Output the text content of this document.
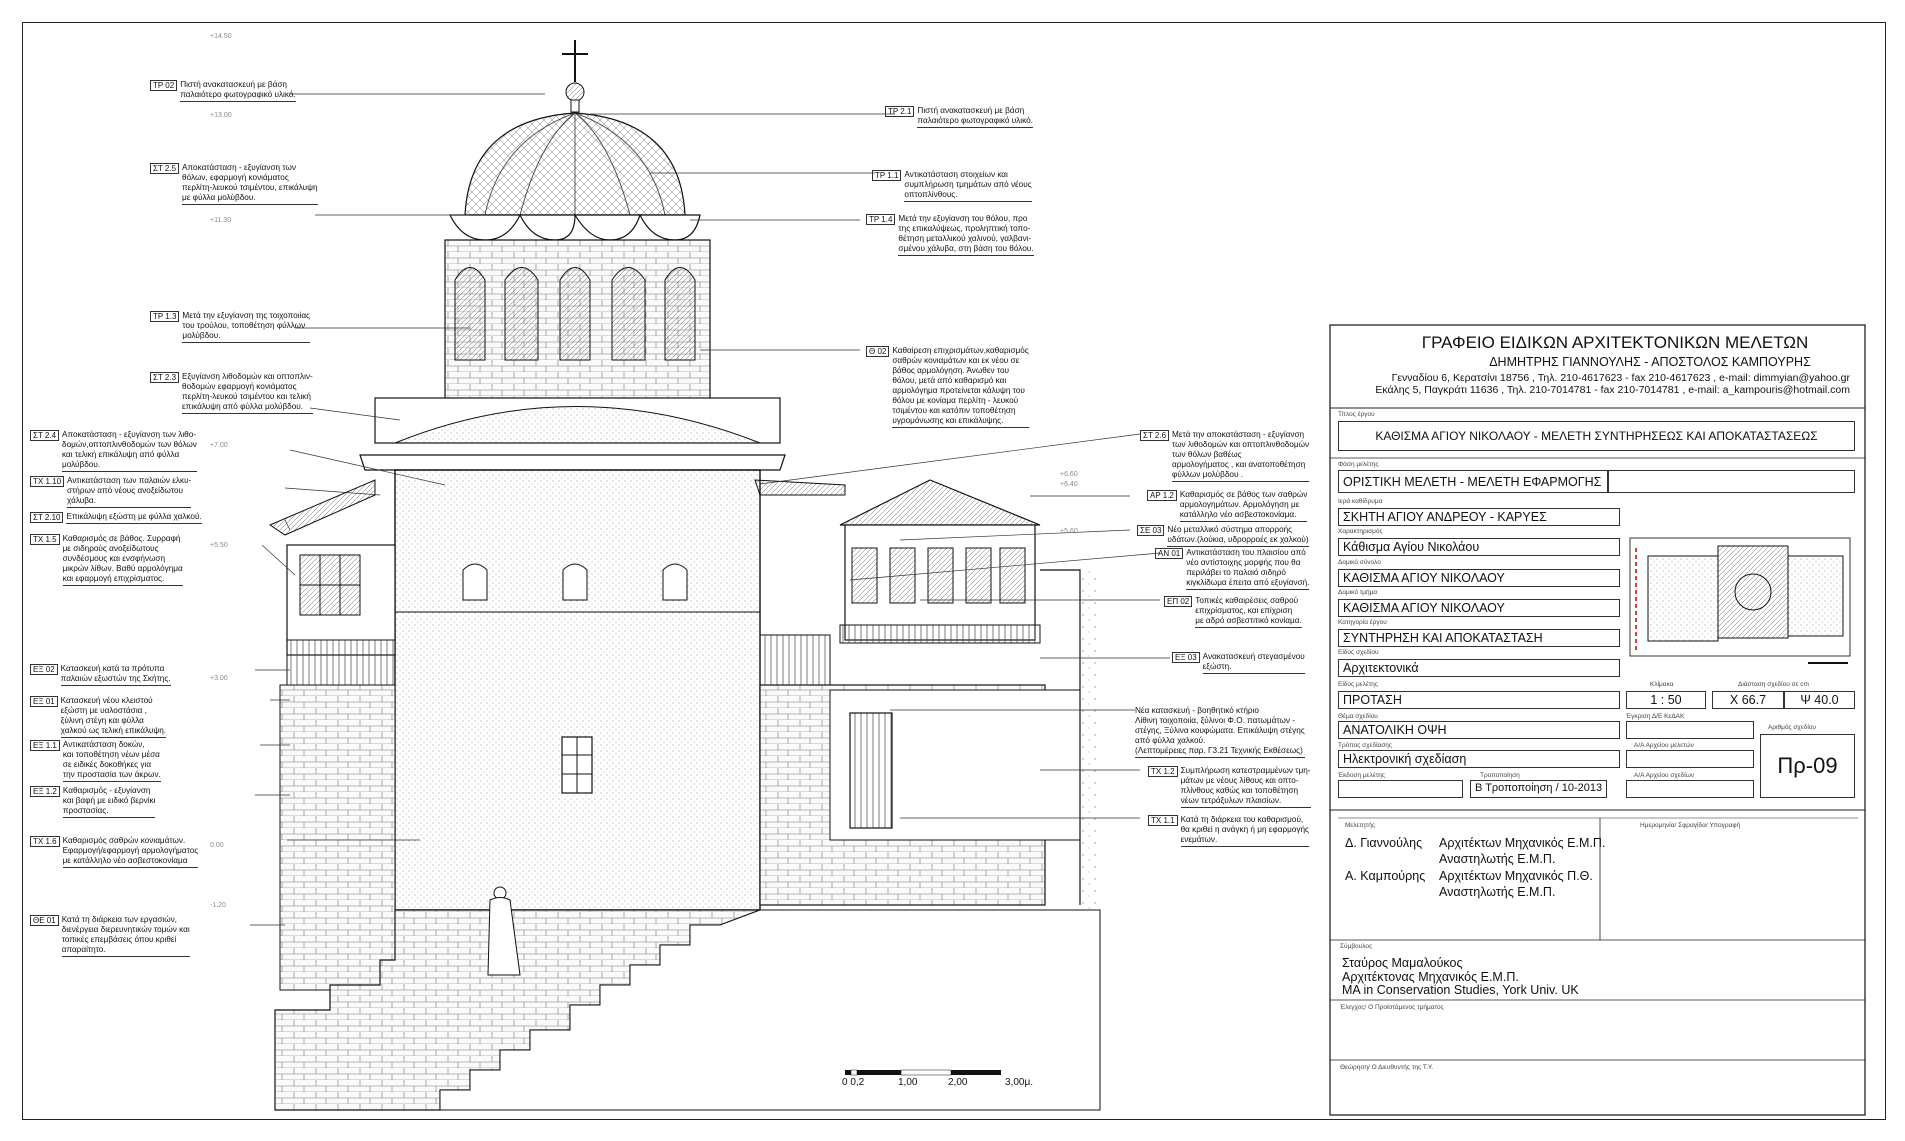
+14.50
+13.00
+11.30
+7.00
+5.50
+3.00
0.00
-1.20
+6.60
+6.40
+5.60
ΤΡ 02 Πιστή ανακατασκευή με βάση
παλαιότερο φωτογραφικό υλικό.
ΣΤ 2.5 Αποκατάσταση - εξυγίανση των
θόλων, εφαρμογή κονιάματος
περλίτη-λευκού τσιμέντου, επικάλυψη
με φύλλα μολύβδου.
ΤΡ 1.3 Μετά την εξυγίανση της τοιχοποιίας
του τρούλου, τοποθέτηση φύλλων
μολύβδου.
ΣΤ 2.3 Εξυγίανση λιθοδομών και οπτοπλιν-
θοδομών εφαρμογή κονιάματος
περλίτη-λευκού τσιμέντου και τελική
επικάλυψη από φύλλα μολύβδου.
ΣΤ 2.4 Αποκατάσταση - εξυγίανση των λιθο-
δομών,οπτοπλινθοδομών των θόλων
και τελική επικάλυψη από φύλλα
μολύβδου.
ΤΧ 1.10 Αντικατάσταση των παλαιών ελκυ-
στήρων από νέους ανοξείδωτου
χάλυβα.
ΣΤ 2.10 Επικάλυψη εξώστη με φύλλα χαλκού.
ΤΧ 1.5 Καθαρισμός σε βάθος. Συρραφή
με σιδηρούς ανοξείδωτους
συνδέσμους και ενσφήνωση
μικρών λίθων. Βαθύ αρμολόγημα
και εφαρμογή επιχρίσματος.
ΕΞ 02 Κατασκευή κατά τα πρότυπα
παλαιών εξωστών της Σκήτης.
ΕΞ 01 Κατασκευή νέου κλειστού
εξώστη με υαλοστάσια ,
ξύλινη στέγη και φύλλα
χαλκού ως τελική επικάλυψη.
ΕΞ 1.1 Αντικατάσταση δοκών,
και τοποθέτηση νέων μέσα
σε ειδικές δοκοθήκες για
την προστασία των άκρων.
ΕΞ 1.2 Καθαρισμός - εξυγίανση
και βαφή με ειδικό βερνίκι
προστασίας.
ΤΧ 1.6 Καθαρισμός σαθρών κονιαμάτων.
Εφαρμογή/εφαρμογή αρμολογήματος
με κατάλληλο νέο ασβεστοκονίαμα
ΘΕ 01 Κατά τη διάρκεια των εργασιών,
διενέργεια διερευνητικών τομών και
τοπικές επεμβάσεις όπου κριθεί
απαραίτητο.
ΤΡ 2.1 Πιστή ανακατασκευή με βάση
παλαιότερο φωτογραφικό υλικό.
ΤΡ 1.1 Αντικατάσταση στοιχείων και
συμπλήρωση τμημάτων από νέους
οπτοπλίνθους.
ΤΡ 1.4 Μετά την εξυγίανση του θόλου, προ
της επικαλύψεως, προληπτική τοπο-
θέτηση μεταλλικού χαλινού, γαλβανι-
σμένου χάλυβα, στη βάση του θόλου.
Θ 02 Καθαίρεση επιχρισμάτων,καθαρισμός
σαθρών κονιαμάτων και εκ νέου σε
βάθος αρμολόγηση. Άνωθεν του
θόλου, μετά από καθαρισμό και
αρμολόγημα προτείνεται κάλυψη του
θόλου με κονίαμα περλίτη - λευκού
τσιμέντου και κατόπιν τοποθέτηση
υγρομόνωσης και επικάλυψης.
ΣΤ 2.6 Μετά την αποκατάσταση - εξυγίανση
των λιθοδομών και οπτοπλινθοδομών
των θόλων βαθέως
αρμολογήματος , και ανατοποθέτηση
φύλλων μολύβδου .
ΑΡ 1.2 Καθαρισμός σε βάθος των σαθρών
αρμολογημάτων. Αρμολόγηση με
κατάλληλο νέο ασβεστοκονίαμα.
ΣΕ 03 Νέο μεταλλικό σύστημα απορροής
υδάτων.(λούκια, υδρορροές εκ χαλκού)
ΑΝ 01 Αντικατάσταση του πλαισίου από
νέο αντίστοιχης μορφής που θα
περιλάβει το παλαιό σιδηρό
κιγκλίδωμα έπειτα από εξυγίανσή.
ΕΠ 02 Τοπικές καθαιρέσεις σαθρού
επιχρίσματος, και επίχριση
με αδρό ασβεστιτικό κονίαμα.
ΕΞ 03 Ανακατασκευή στεγασμένου
εξώστη.
Νέα κατασκευή - βοηθητικό κτήριο
Λίθινη τοιχοποιία, ξύλινοι Φ.Ο. πατωμάτων -
στέγης, Ξύλινα κουφώματα. Επικάλυψη στέγης
από φύλλα χαλκού.
(Λεπτομέρειες παρ. Γ3.21 Τεχνικής Εκθέσεως)
ΤΧ 1.2 Συμπλήρωση κατεστραμμένων τμη-
μάτων με νέους λίθους και οπτο-
πλίνθους καθώς και τοποθέτηση
νέων τετράξυλων πλαισίων.
ΤΧ 1.1 Κατά τη διάρκεια του καθαρισμού,
θα κριθεί η ανάγκη ή μη εφαρμογής
ενεμάτων.
0 0,2	1,00	2,00	3,00μ.
ΓΡΑΦΕΙΟ ΕΙΔΙΚΩΝ ΑΡΧΙΤΕΚΤΟΝΙΚΩΝ ΜΕΛΕΤΩΝ
ΔΗΜΗΤΡΗΣ ΓΙΑΝΝΟΥΛΗΣ - ΑΠΟΣΤΟΛΟΣ ΚΑΜΠΟΥΡΗΣ
Γενναδίου 6, Κερατσίνι 18756 , Τηλ. 210-4617623 - fax 210-4617623 , e-mail: dimmyian@yahoo.gr
Εκάλης 5, Παγκράτι 11636 , Τηλ. 210-7014781 - fax 210-7014781 , e-mail: a_kampouris@hotmail.com
Τίτλος έργου
ΚΑΘΙΣΜΑ ΑΓΙΟΥ ΝΙΚΟΛΑΟΥ - ΜΕΛΕΤΗ ΣΥΝΤΗΡΗΣΕΩΣ ΚΑΙ ΑΠΟΚΑΤΑΣΤΑΣΕΩΣ
Φάση μελέτης
ΟΡΙΣΤΙΚΗ ΜΕΛΕΤΗ - ΜΕΛΕΤΗ ΕΦΑΡΜΟΓΗΣ
Ιερά καθίδρυμα
ΣΚΗΤΗ ΑΓΙΟΥ ΑΝΔΡΕΟΥ - ΚΑΡΥΕΣ
Χαρακτηρισμός
Κάθισμα Αγίου Νικολάου
Δομικό σύνολο
ΚΑΘΙΣΜΑ ΑΓΙΟΥ ΝΙΚΟΛΑΟΥ
Δομικό τμήμα
ΚΑΘΙΣΜΑ ΑΓΙΟΥ ΝΙΚΟΛΑΟΥ
Κατηγορία έργου
ΣΥΝΤΗΡΗΣΗ ΚΑΙ ΑΠΟΚΑΤΑΣΤΑΣΗ
Είδος σχεδίου
Αρχιτεκτονικά
Είδος μελέτης
ΠΡΟΤΑΣΗ
Κλίμακα
1 : 50
Διάσταση σχεδίου σε cm
Χ 66.7	Ψ 40.0
Θέμα σχεδίου
ΑΝΑΤΟΛΙΚΗ ΟΨΗ
Έγκριση Δ/Ε ΚεΔΑΚ
Τρόπος σχεδίασης
Ηλεκτρονική σχεδίαση
Α/Α Αρχείου μελετών
Αριθμός σχεδίου
Πρ-09
Α/Α Αρχείου σχεδίων
Έκδοση μελέτης	Τροποποίηση
Β Τροποποίηση / 10-2013
Μελετητής	Ημερομηνία/ Σφραγίδα/ Υπογραφή
Δ. Γιαννούλης Αρχιτέκτων Μηχανικός Ε.Μ.Π.
Αναστηλωτής Ε.Μ.Π.
Α. Καμπούρης Αρχιτέκτων Μηχανικός Π.Θ.
Αναστηλωτής Ε.Μ.Π.
Σύμβουλος
Σταύρος Μαμαλούκος
Αρχιτέκτονας Μηχανικός Ε.Μ.Π.
MA in Conservation Studies, York Univ. UK
Έλεγχος/ Ο Προϊστάμενος τμήματος
Θεώρηση/ Ο Διευθυντής της Τ.Υ.
